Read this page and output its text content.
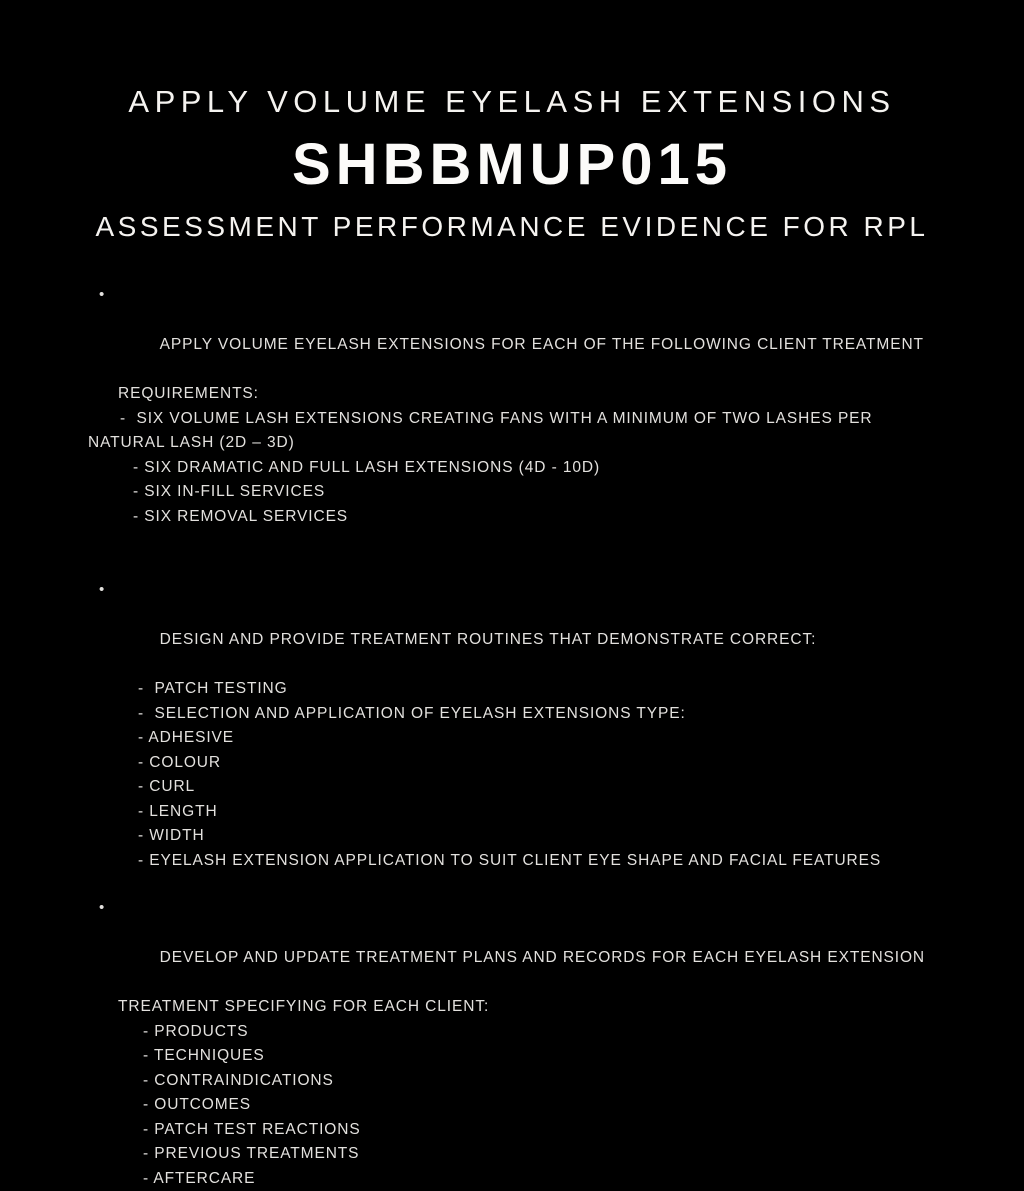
APPLY VOLUME EYELASH EXTENSIONS
SHBBMUP015
ASSESSMENT PERFORMANCE EVIDENCE FOR RPL

•

APPLY VOLUME EYELASH EXTENSIONS FOR EACH OF THE FOLLOWING CLIENT TREATMENT

REQUIREMENTS:
-  SIX VOLUME LASH EXTENSIONS CREATING FANS WITH A MINIMUM OF TWO LASHES PER
NATURAL LASH (2D – 3D)
- SIX DRAMATIC AND FULL LASH EXTENSIONS (4D - 10D)
- SIX IN-FILL SERVICES
- SIX REMOVAL SERVICES

•

DESIGN AND PROVIDE TREATMENT ROUTINES THAT DEMONSTRATE CORRECT:

-  PATCH TESTING
-  SELECTION AND APPLICATION OF EYELASH EXTENSIONS TYPE:
- ADHESIVE
- COLOUR
- CURL
- LENGTH
- WIDTH
- EYELASH EXTENSION APPLICATION TO SUIT CLIENT EYE SHAPE AND FACIAL FEATURES

•

DEVELOP AND UPDATE TREATMENT PLANS AND RECORDS FOR EACH EYELASH EXTENSION

TREATMENT SPECIFYING FOR EACH CLIENT:
- PRODUCTS
- TECHNIQUES
- CONTRAINDICATIONS
- OUTCOMES
- PATCH TEST REACTIONS
- PREVIOUS TREATMENTS
- AFTERCARE
